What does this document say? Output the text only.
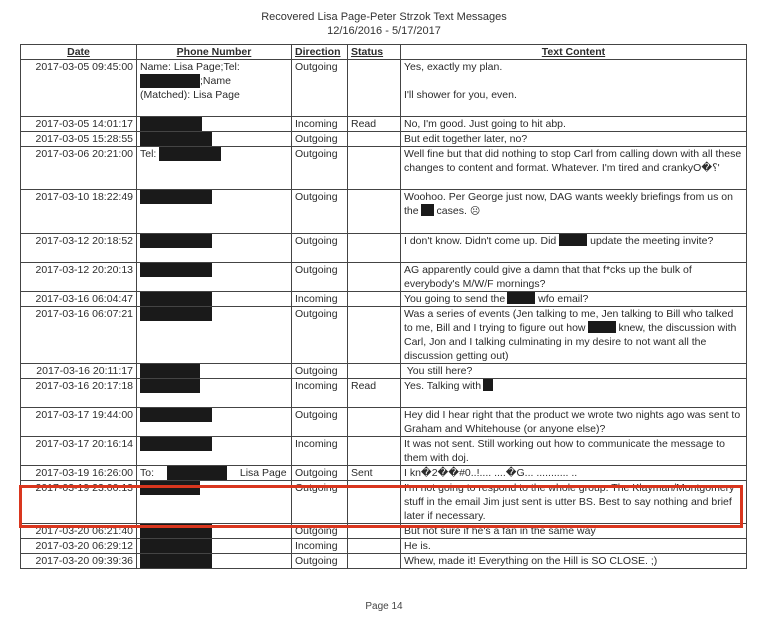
Recovered Lisa Page-Peter Strzok Text Messages
12/16/2016 - 5/17/2017
Date	Phone Number	Direction	Status	Text Content
2017-03-05 09:45:00	Name: Lisa Page;Tel:
;Name
(Matched): Lisa Page	Outgoing		Yes, exactly my plan.
I'll shower for you, even.

2017-03-05 14:01:17		Incoming	Read	No, I'm good. Just going to hit abp.
2017-03-05 15:28:55		Outgoing		But edit together later, no?
2017-03-06 20:21:00	Tel:	Outgoing		Well fine but that did nothing to stop Carl from calling down with all these changes to content and format. Whatever. I'm tired and crankyO�⸮'
2017-03-10 18:22:49		Outgoing		Woohoo. Per George just now, DAG wants weekly briefings from us on the cases. ☹
2017-03-12 20:18:52		Outgoing		I don't know. Didn't come up. Did update the meeting invite?
2017-03-12 20:20:13		Outgoing		AG apparently could give a damn that that f*cks up the bulk of everybody's M/W/F mornings?
2017-03-16 06:04:47		Incoming		You going to send the wfo email?
2017-03-16 06:07:21		Outgoing		Was a series of events (Jen talking to me, Jen talking to Bill who talked to me, Bill and I trying to figure out how knew, the discussion with Carl, Jon and I talking culminating in my desire to not want all the discussion getting out)
2017-03-16 20:11:17		Outgoing		You still here?
2017-03-16 20:17:18		Incoming	Read	Yes. Talking with
2017-03-17 19:44:00		Outgoing		Hey did I hear right that the product we wrote two nights ago was sent to Graham and Whitehouse (or anyone else)?
2017-03-17 20:16:14		Incoming		It was not sent. Still working out how to communicate the message to them with doj.
2017-03-19 16:26:00	To: Lisa Page	Outgoing	Sent	I kn�2��#0..!.... ....�G... ........... ..
2017-03-19 23:00:13		Outgoing		I'm not going to respond to the whole group. The Klayman/Montgomery stuff in the email Jim just sent is utter BS. Best to say nothing and brief later if necessary.
2017-03-20 06:21:40		Outgoing		But not sure if he's a fan in the same way
2017-03-20 06:29:12		Incoming		He is.
2017-03-20 09:39:36		Outgoing		Whew, made it! Everything on the Hill is SO CLOSE. ;)
Page 14
